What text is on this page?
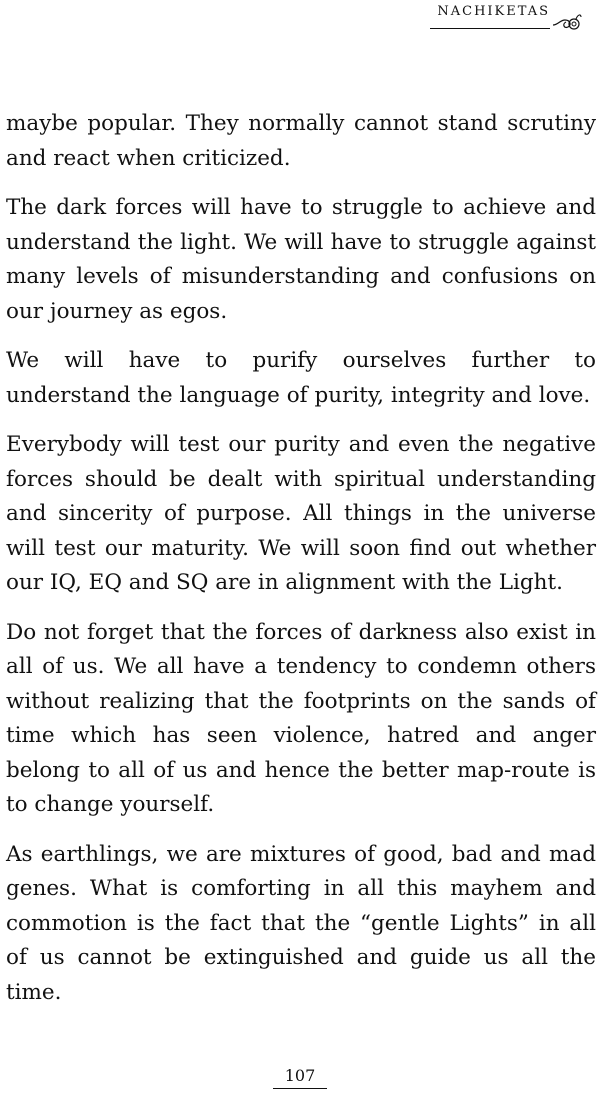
NACHIKETAS

maybe popular. They normally cannot stand scrutiny and react when criticized.

The dark forces will have to struggle to achieve and understand the light. We will have to struggle against many levels of misunderstanding and confusions on our journey as egos.

We will have to purify ourselves further to understand the language of purity, integrity and love.

Everybody will test our purity and even the negative forces should be dealt with spiritual understanding and sincerity of purpose. All things in the universe will test our maturity. We will soon find out whether our IQ, EQ and SQ are in alignment with the Light.

Do not forget that the forces of darkness also exist in all of us. We all have a tendency to condemn others without realizing that the footprints on the sands of time which has seen violence, hatred and anger belong to all of us and hence the better map-route is to change yourself.

As earthlings, we are mixtures of good, bad and mad genes. What is comforting in all this mayhem and commotion is the fact that the “gentle Lights” in all of us cannot be extinguished and guide us all the time.

107
